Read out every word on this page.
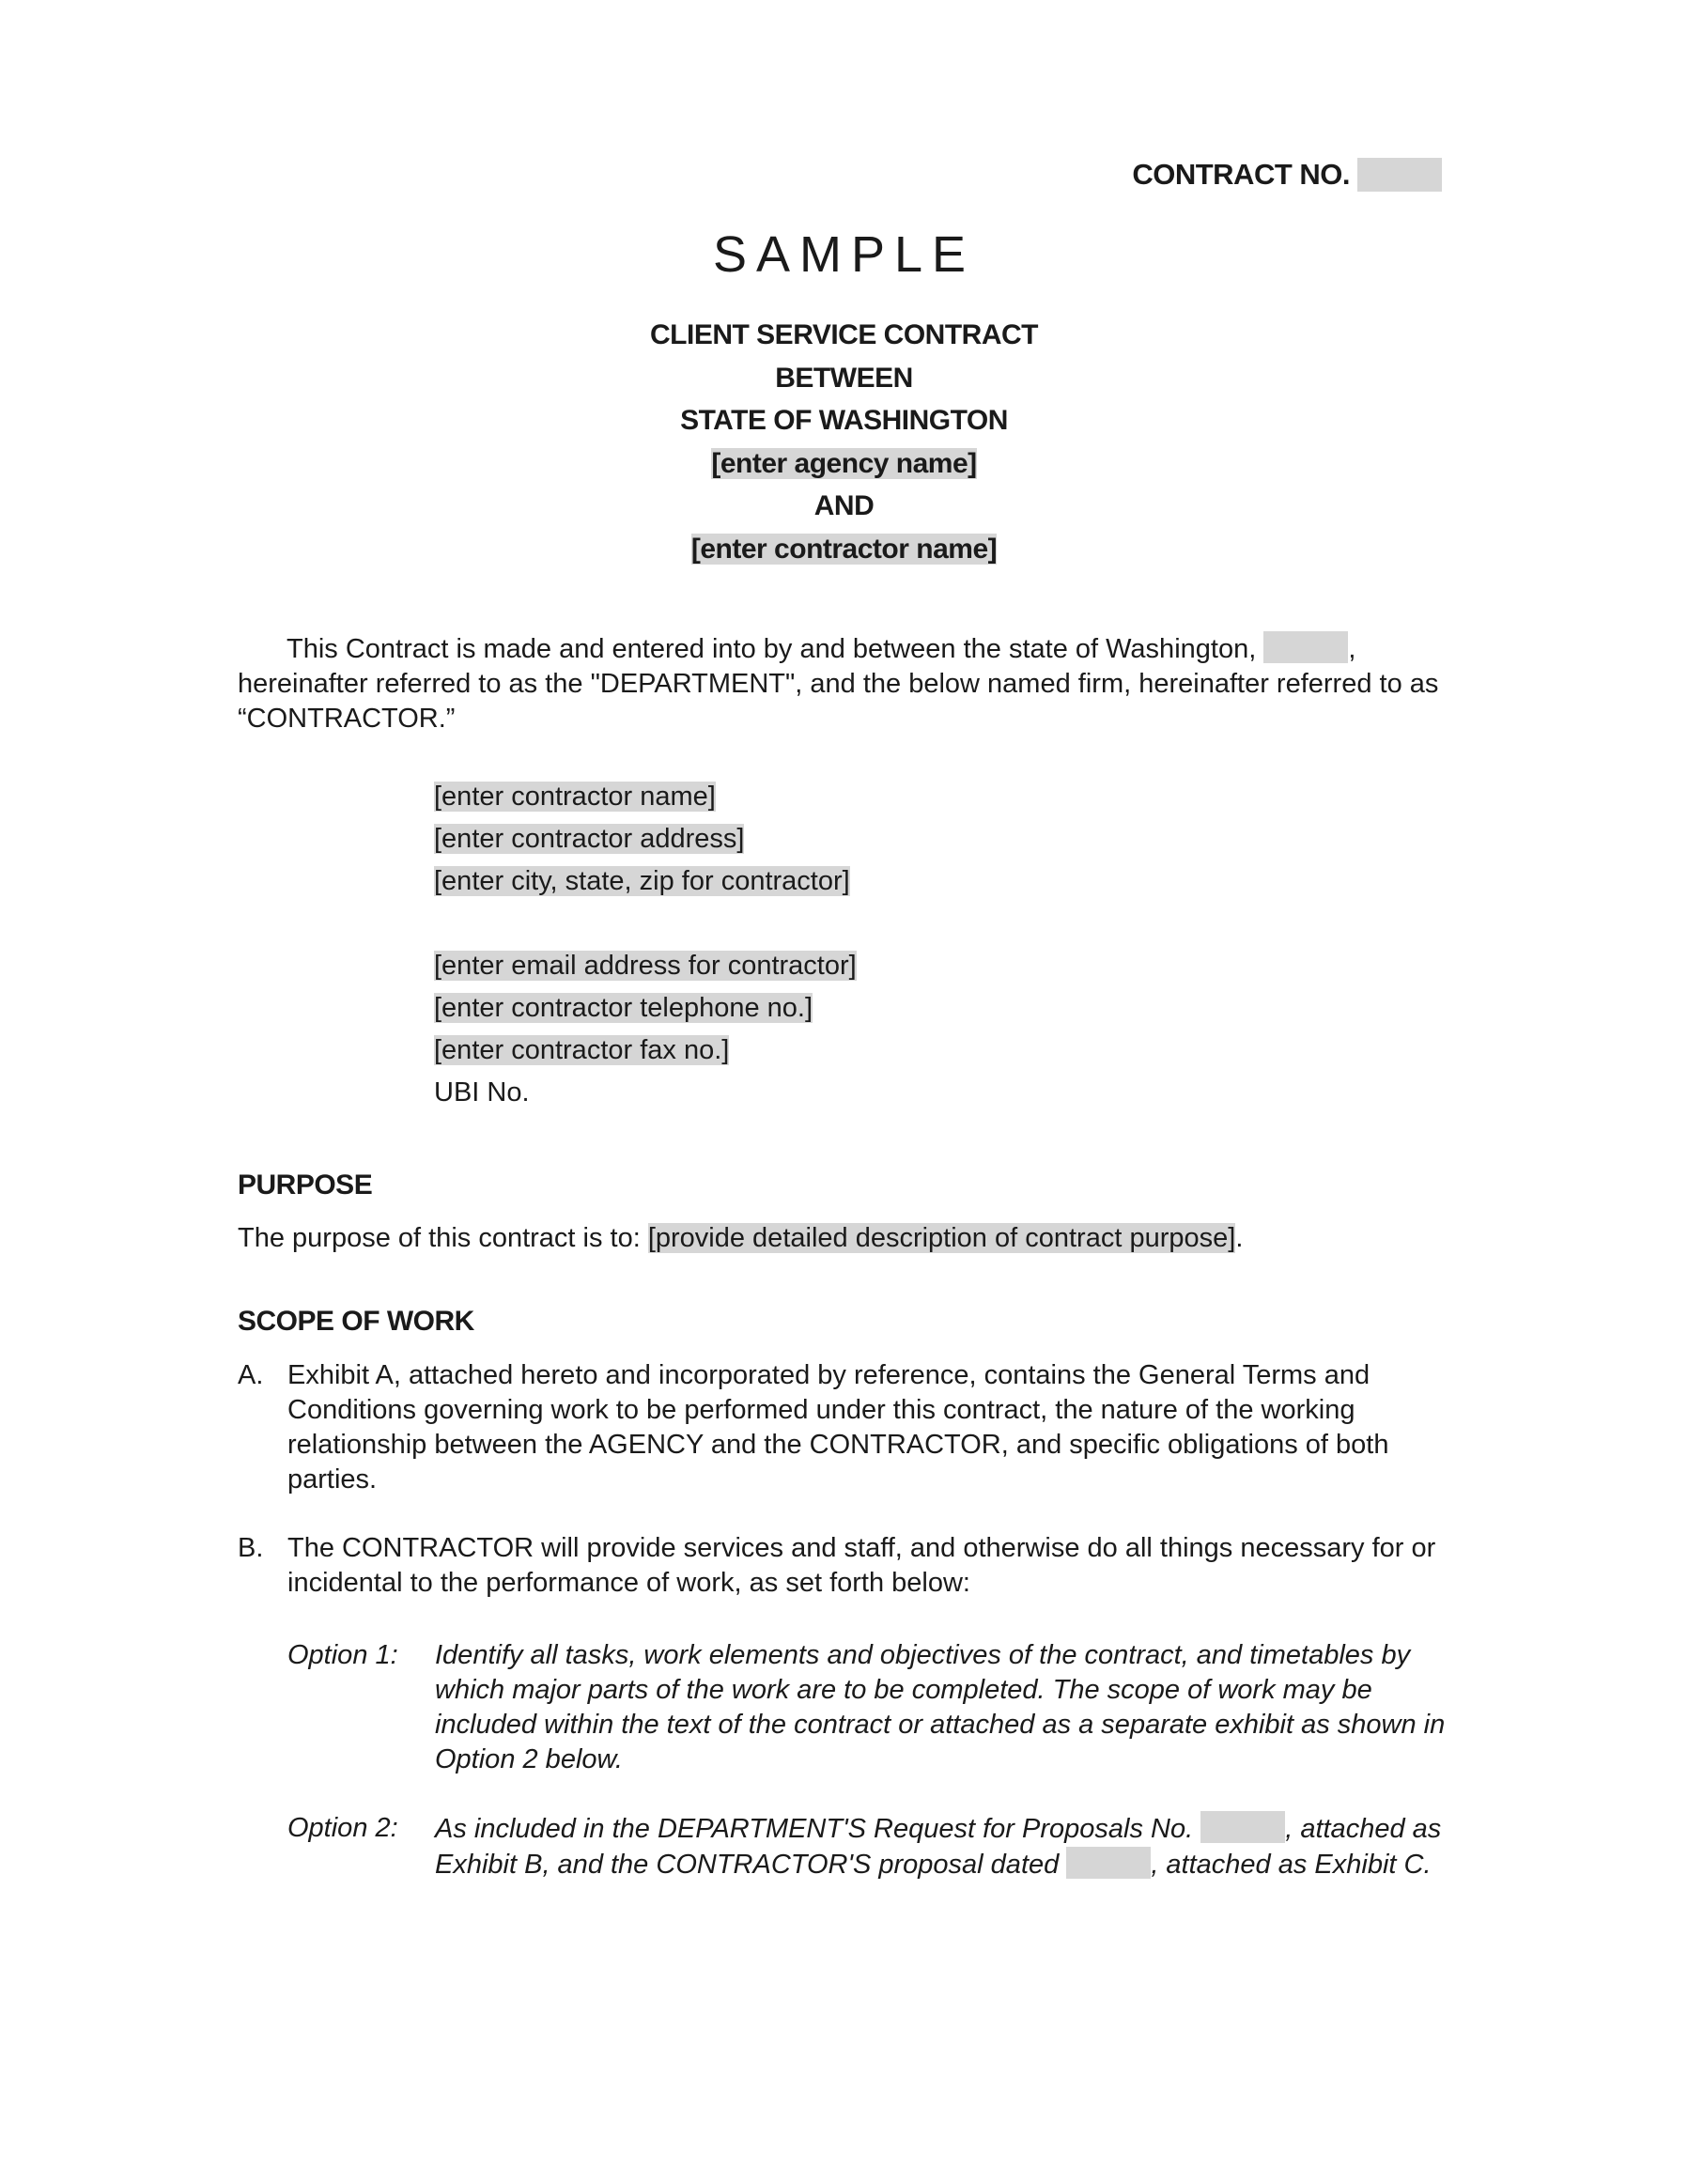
CONTRACT NO.
SAMPLE
CLIENT SERVICE CONTRACT
BETWEEN
STATE OF WASHINGTON
[enter agency name]
AND
[enter contractor name]
This Contract is made and entered into by and between the state of Washington,	, hereinafter referred to as the "DEPARTMENT", and the below named firm, hereinafter referred to as “CONTRACTOR.”
[enter contractor name]
[enter contractor address]
[enter city, state, zip for contractor]
[enter email address for contractor]
[enter contractor telephone no.]
[enter contractor fax no.]
UBI No.
PURPOSE
The purpose of this contract is to: [provide detailed description of contract purpose].
SCOPE OF WORK
A. Exhibit A, attached hereto and incorporated by reference, contains the General Terms and Conditions governing work to be performed under this contract, the nature of the working relationship between the AGENCY and the CONTRACTOR, and specific obligations of both parties.
B. The CONTRACTOR will provide services and staff, and otherwise do all things necessary for or incidental to the performance of work, as set forth below:
Option 1: Identify all tasks, work elements and objectives of the contract, and timetables by which major parts of the work are to be completed. The scope of work may be included within the text of the contract or attached as a separate exhibit as shown in Option 2 below.
Option 2: As included in the DEPARTMENT'S Request for Proposals No.	, attached as Exhibit B, and the CONTRACTOR'S proposal dated	, attached as Exhibit C.
